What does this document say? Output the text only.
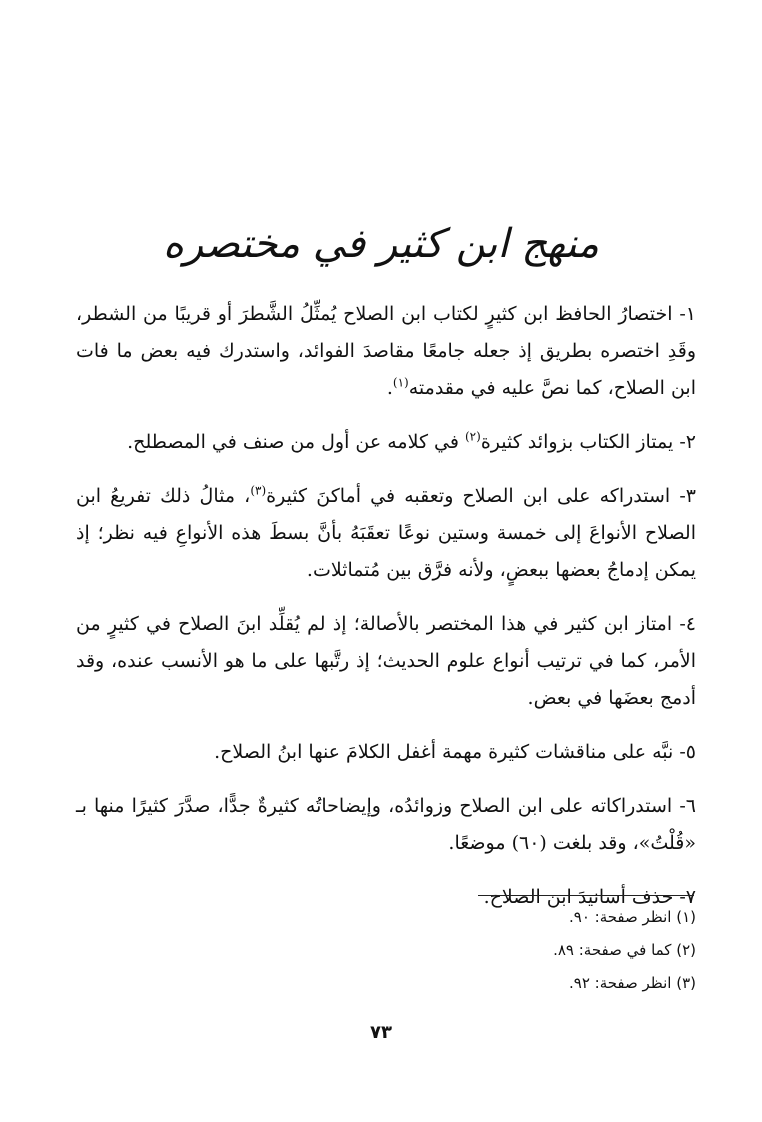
منهج ابن كثير في مختصره

١- اختصارُ الحافظ ابن كثيرٍ لكتاب ابن الصلاح يُمثِّلُ الشَّطرَ أو قريبًا من الشطر، وقَدِ اختصره بطريق إذ جعله جامعًا مقاصدَ الفوائد، واستدرك فيه بعض ما فات ابن الصلاح، كما نصَّ عليه في مقدمته$^{(١)}$.

٢- يمتاز الكتاب بزوائد كثيرة$^{(٢)}$ في كلامه عن أول من صنف في المصطلح.

٣- استدراكه على ابن الصلاح وتعقبه في أماكنَ كثيرة$^{(٣)}$، مثالُ ذلك تفريعُ ابن الصلاح الأنواعَ إلى خمسة وستين نوعًا تعقَبَهُ بأنَّ بسطَ هذه الأنواعِ فيه نظر؛ إذ يمكن إدماجُ بعضها ببعضٍ، ولأنه فرَّق بين مُتماثلات.

٤- امتاز ابن كثير في هذا المختصر بالأصالة؛ إذ لم يُقلِّد ابنَ الصلاح في كثيرٍ من الأمر، كما في ترتيب أنواع علوم الحديث؛ إذ رتَّبها على ما هو الأنسب عنده، وقد أدمج بعضَها في بعض.

٥- نبَّه على مناقشات كثيرة مهمة أغفل الكلامَ عنها ابنُ الصلاح.

٦- استدراكاته على ابن الصلاح وزوائدُه، وإيضاحاتُه كثيرةٌ جدًّا، صدَّرَ كثيرًا منها بـ «قُلْتُ»، وقد بلغت (٦٠) موضعًا.

٧- حذف أسانيدَ ابن الصلاح.

(١) انظر صفحة: ٩٠.

(٢) كما في صفحة: ٨٩.

(٣) انظر صفحة: ٩٢.

٧٣
